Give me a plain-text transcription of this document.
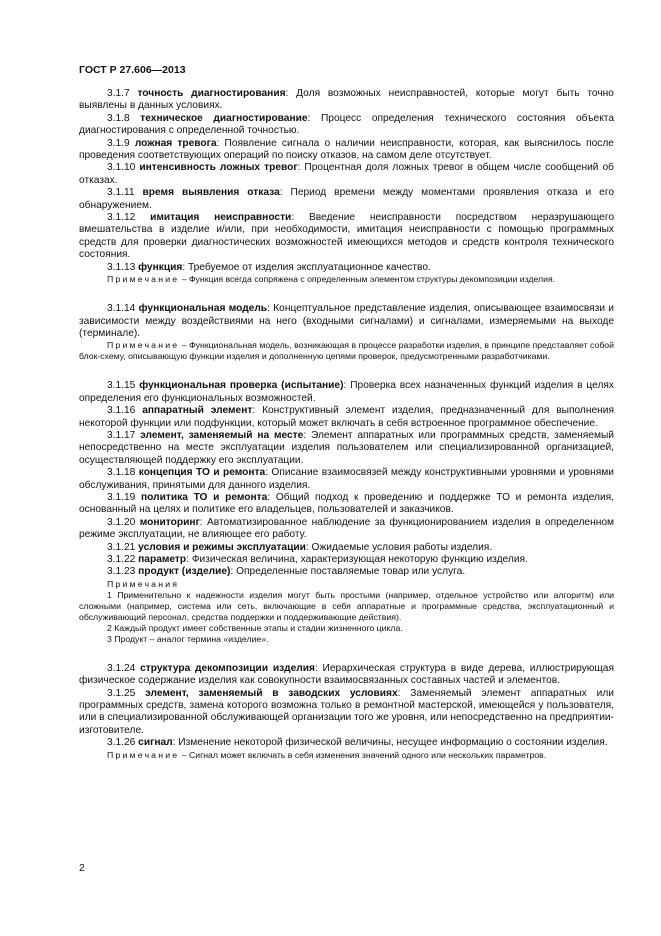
ГОСТ Р 27.606—2013

3.1.7 точность диагностирования: Доля возможных неисправностей, которые могут быть точно выявлены в данных условиях.

3.1.8 техническое диагностирование: Процесс определения технического состояния объекта диагностирования с определенной точностью.

3.1.9 ложная тревога: Появление сигнала о наличии неисправности, которая, как выяснилось после проведения соответствующих операций по поиску отказов, на самом деле отсутствует.

3.1.10 интенсивность ложных тревог: Процентная доля ложных тревог в общем числе сообщений об отказах.

3.1.11 время выявления отказа: Период времени между моментами проявления отказа и его обнаружением.

3.1.12 имитация неисправности: Введение неисправности посредством неразрушающего вмешательства в изделие и/или, при необходимости, имитация неисправности с помощью программных средств для проверки диагностических возможностей имеющихся методов и средств контроля технического состояния.

3.1.13 функция: Требуемое от изделия эксплуатационное качество.

Примечание – Функция всегда сопряжена с определенным элементом структуры декомпозиции изделия.

3.1.14 функциональная модель: Концептуальное представление изделия, описывающее взаимосвязи и зависимости между воздействиями на него (входными сигналами) и сигналами, измеряемыми на выходе (терминале).

Примечание – Функциональная модель, возникающая в процессе разработки изделия, в принципе представляет собой блок-схему, описывающую функции изделия и дополненную цепями проверок, предусмотренными разработчиками.

3.1.15 функциональная проверка (испытание): Проверка всех назначенных функций изделия в целях определения его функциональных возможностей.

3.1.16 аппаратный элемент: Конструктивный элемент изделия, предназначенный для выполнения некоторой функции или подфункции, который может включать в себя встроенное программное обеспечение.

3.1.17 элемент, заменяемый на месте: Элемент аппаратных или программных средств, заменяемый непосредственно на месте эксплуатации изделия пользователем или специализированной организацией, осуществляющей поддержку его эксплуатации.

3.1.18 концепция ТО и ремонта: Описание взаимосвязей между конструктивными уровнями и уровнями обслуживания, принятыми для данного изделия.

3.1.19 политика ТО и ремонта: Общий подход к проведению и поддержке ТО и ремонта изделия, основанный на целях и политике его владельцев, пользователей и заказчиков.

3.1.20 мониторинг: Автоматизированное наблюдение за функционированием изделия в определенном режиме эксплуатации, не влияющее его работу.

3.1.21 условия и режимы эксплуатации: Ожидаемые условия работы изделия.

3.1.22 параметр: Физическая величина, характеризующая некоторую функцию изделия.

3.1.23 продукт (изделие): Определенные поставляемые товар или услуга.

Примечания

1 Применительно к надежности изделия могут быть простыми (например, отдельное устройство или алгоритм) или сложными (например, система или сеть, включающие в себя аппаратные и программные средства, эксплуатационный и обслуживающий персонал, средства поддержки и поддерживающие действия).

2 Каждый продукт имеет собственные этапы и стадии жизненного цикла.

3 Продукт – аналог термина «изделие».

3.1.24 структура декомпозиции изделия: Иерархическая структура в виде дерева, иллюстрирующая физическое содержание изделия как совокупности взаимосвязанных составных частей и элементов.

3.1.25 элемент, заменяемый в заводских условиях: Заменяемый элемент аппаратных или программных средств, замена которого возможна только в ремонтной мастерской, имеющейся у пользователя, или в специализированной обслуживающей организации того же уровня, или непосредственно на предприятии-изготовителе.

3.1.26 сигнал: Изменение некоторой физической величины, несущее информацию о состоянии изделия.

Примечание – Сигнал может включать в себя изменения значений одного или нескольких параметров.

2
